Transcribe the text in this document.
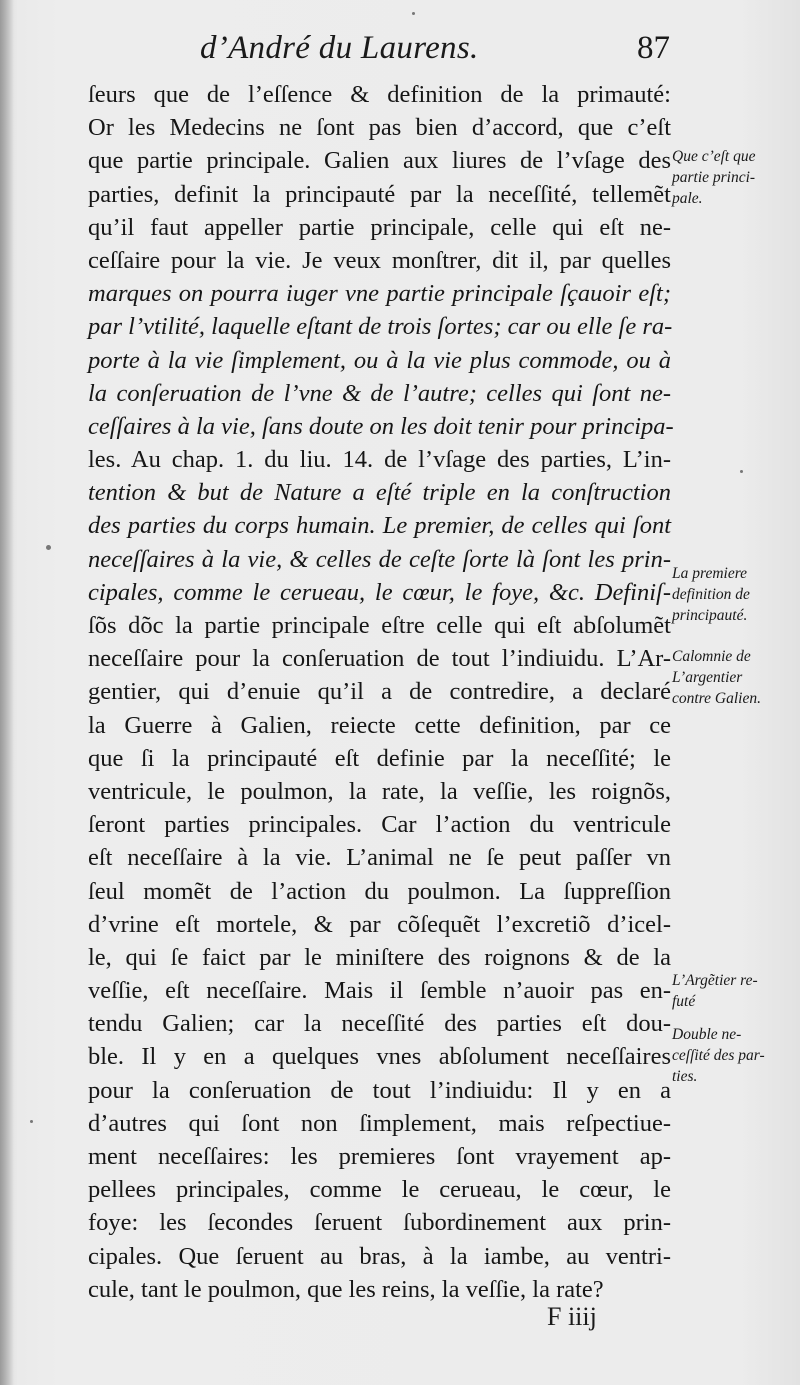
d’André du Laurens.	87
ſeurs que de l’eſſence & definition de la primauté:
Or les Medecins ne ſont pas bien d’accord, que c’eſt
que partie principale. Galien aux liures de l’vſage des
parties, definit la principauté par la neceſſité, tellemẽt
qu’il faut appeller partie principale, celle qui eſt ne-
ceſſaire pour la vie. Je veux monſtrer, dit il, par quelles
marques on pourra iuger vne partie principale ſçauoir eſt;
par l’vtilité, laquelle eſtant de trois ſortes; car ou elle ſe ra-
porte à la vie ſimplement, ou à la vie plus commode, ou à
la conſeruation de l’vne & de l’autre; celles qui ſont ne-
ceſſaires à la vie, ſans doute on les doit tenir pour principa-
les. Au chap. 1. du liu. 14. de l’vſage des parties, L’in-
tention & but de Nature a eſté triple en la conſtruction
des parties du corps humain. Le premier, de celles qui ſont
neceſſaires à la vie, & celles de ceſte ſorte là ſont les prin-
cipales, comme le cerueau, le cœur, le foye, &c. Definiſ-
ſõs dõc la partie principale eſtre celle qui eſt abſolumẽt
neceſſaire pour la conſeruation de tout l’indiuidu. L’Ar-
gentier, qui d’enuie qu’il a de contredire, a declaré
la Guerre à Galien, reiecte cette definition, par ce
que ſi la principauté eſt definie par la neceſſité; le
ventricule, le poulmon, la rate, la veſſie, les roignõs,
ſeront parties principales. Car l’action du ventricule
eſt neceſſaire à la vie. L’animal ne ſe peut paſſer vn
ſeul momẽt de l’action du poulmon. La ſuppreſſion
d’vrine eſt mortele, & par cõſequẽt l’excretiõ d’icel-
le, qui ſe faict par le miniſtere des roignons & de la
veſſie, eſt neceſſaire. Mais il ſemble n’auoir pas en-
tendu Galien; car la neceſſité des parties eſt dou-
ble. Il y en a quelques vnes abſolument neceſſaires
pour la conſeruation de tout l’indiuidu: Il y en a
d’autres qui ſont non ſimplement, mais reſpectiue-
ment neceſſaires: les premieres ſont vrayement ap-
pellees principales, comme le cerueau, le cœur, le
foye: les ſecondes ſeruent ſubordinement aux prin-
cipales. Que ſeruent au bras, à la iambe, au ventri-
cule, tant le poulmon, que les reins, la veſſie, la rate?
Que c’eſt que
partie princi-
pale.
La premiere
definition de
principauté.
Calomnie de
L’argentier
contre Galien.
L’Argẽtier re-
futé
Double ne-
ceſſité des par-
ties.
F iiij
